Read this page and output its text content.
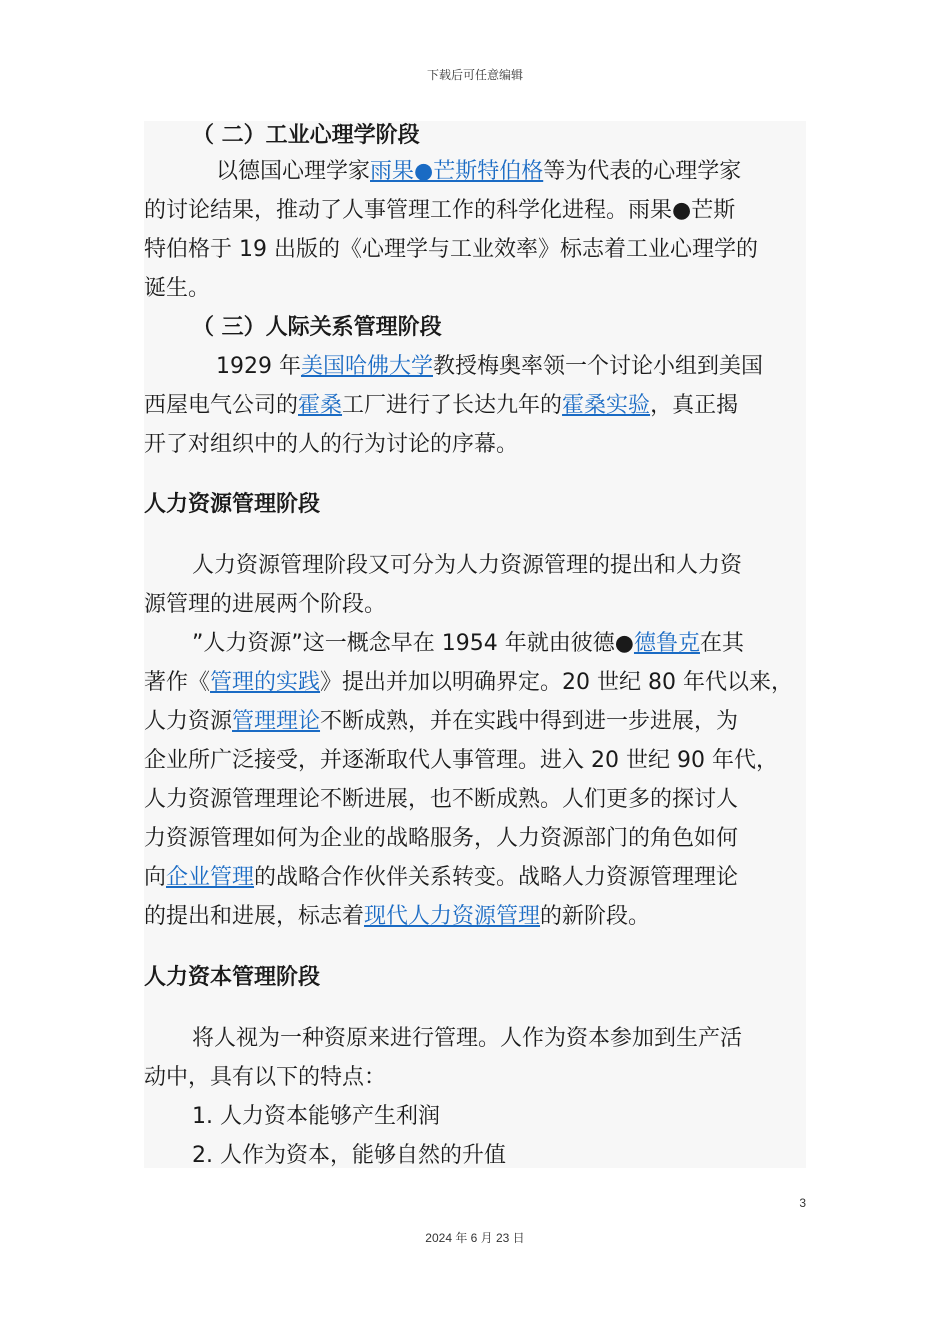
下载后可任意编辑
（ 二）工业心理学阶段
以德国心理学家雨果●芒斯特伯格等为代表的心理学家
的讨论结果，推动了人事管理工作的科学化进程。雨果●芒斯
特伯格于 19 出版的《心理学与工业效率》标志着工业心理学的
诞生。
（ 三）人际关系管理阶段
1929 年美国哈佛大学教授梅奥率领一个讨论小组到美国
西屋电气公司的霍桑工厂进行了长达九年的霍桑实验，真正揭
开了对组织中的人的行为讨论的序幕。
人力资源管理阶段
人力资源管理阶段又可分为人力资源管理的提出和人力资
源管理的进展两个阶段。
”人力资源”这一概念早在 1954 年就由彼德●德鲁克在其
著作《管理的实践》提出并加以明确界定。20 世纪 80 年代以来，
人力资源管理理论不断成熟，并在实践中得到进一步进展，为
企业所广泛接受，并逐渐取代人事管理。进入 20 世纪 90 年代，
人力资源管理理论不断进展，也不断成熟。人们更多的探讨人
力资源管理如何为企业的战略服务，人力资源部门的角色如何
向企业管理的战略合作伙伴关系转变。战略人力资源管理理论
的提出和进展，标志着现代人力资源管理的新阶段。
人力资本管理阶段
将人视为一种资原来进行管理。人作为资本参加到生产活
动中，具有以下的特点：
1. 人力资本能够产生利润
2. 人作为资本，能够自然的升值
3
2024 年 6 月 23 日
